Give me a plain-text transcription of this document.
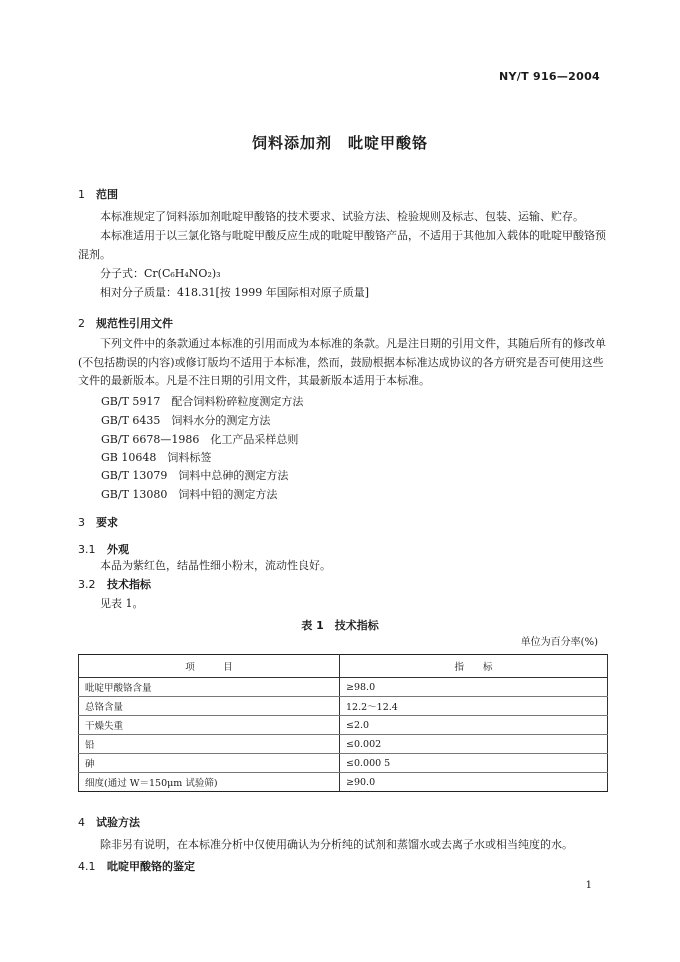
NY/T 916—2004
饲料添加剂　吡啶甲酸铬
1 范围
本标准规定了饲料添加剂吡啶甲酸铬的技术要求、试验方法、检验规则及标志、包装、运输、贮存。
本标准适用于以三氯化铬与吡啶甲酸反应生成的吡啶甲酸铬产品，不适用于其他加入载体的吡啶甲酸铬预混剂。
分子式：Cr(C₆H₄NO₂)₃
相对分子质量：418.31[按 1999 年国际相对原子质量]
2 规范性引用文件
下列文件中的条款通过本标准的引用而成为本标准的条款。凡是注日期的引用文件，其随后所有的修改单(不包括勘误的内容)或修订版均不适用于本标准，然而，鼓励根据本标准达成协议的各方研究是否可使用这些文件的最新版本。凡是不注日期的引用文件，其最新版本适用于本标准。
GB/T 5917　配合饲料粉碎粒度测定方法
GB/T 6435　饲料水分的测定方法
GB/T 6678—1986　化工产品采样总则
GB 10648　饲料标签
GB/T 13079　饲料中总砷的测定方法
GB/T 13080　饲料中铅的测定方法
3 要求
3.1 外观
本品为紫红色，结晶性细小粉末，流动性良好。
3.2 技术指标
见表 1。
表 1　技术指标
单位为百分率(%)
项　　　目	指　　标
吡啶甲酸铬含量	≥98.0
总铬含量	12.2～12.4
干燥失重	≤2.0
铅	≤0.002
砷	≤0.000 5
细度(通过 W＝150μm 试验筛)	≥90.0
4 试验方法
除非另有说明，在本标准分析中仅使用确认为分析纯的试剂和蒸馏水或去离子水或相当纯度的水。
4.1 吡啶甲酸铬的鉴定
1
